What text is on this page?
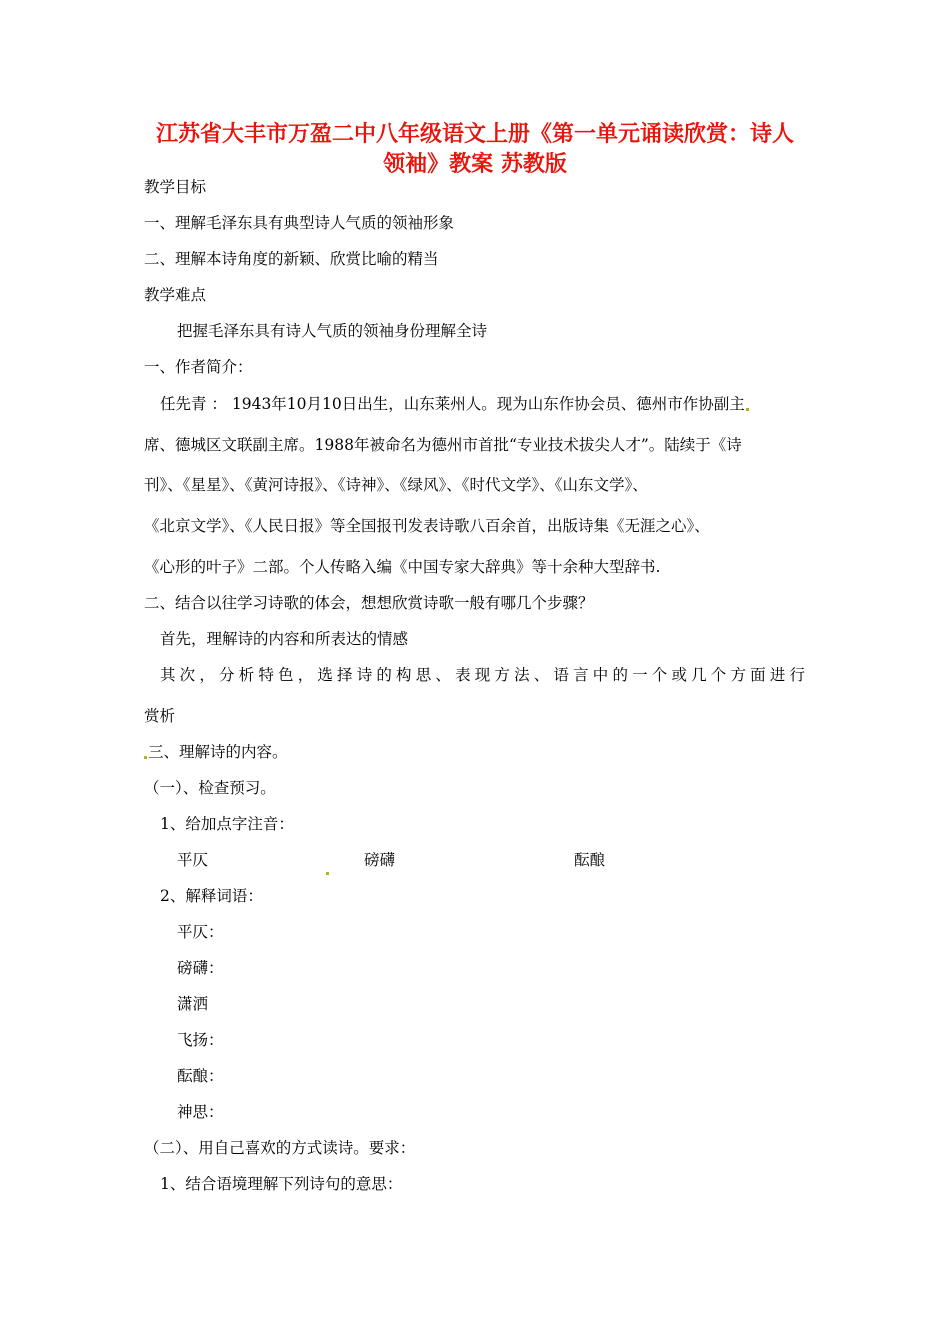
江苏省大丰市万盈二中八年级语文上册《第一单元诵读欣赏：诗人
领袖》教案 苏教版
教学目标
一、理解毛泽东具有典型诗人气质的领袖形象
二、理解本诗角度的新颖、欣赏比喻的精当
教学难点
把握毛泽东具有诗人气质的领袖身份理解全诗
一、作者简介：
任先青 ： 1943年10月10日出生，山东莱州人。现为山东作协会员、德州市作协副主
席、德城区文联副主席。1988年被命名为德州市首批“专业技术拔尖人才”。陆续于《诗
刊》、《星星》、《黄河诗报》、《诗神》、《绿风》、《时代文学》、《山东文学》、
《北京文学》、《人民日报》等全国报刊发表诗歌八百余首，出版诗集《无涯之心》、
《心形的叶子》二部。个人传略入编《中国专家大辞典》等十余种大型辞书.
二、结合以往学习诗歌的体会，想想欣赏诗歌一般有哪几个步骤？
首先，理解诗的内容和所表达的情感
其次，分析特色，选择诗的构思、表现方法、语言中的一个或几个方面进行
赏析
三、理解诗的内容。
（一）、检查预习。
1、给加点字注音：
平仄	磅礴	酝酿
2、解释词语：
平仄：
磅礴：
潇洒
飞扬：
酝酿：
神思：
（二）、用自己喜欢的方式读诗。要求：
1、结合语境理解下列诗句的意思：
